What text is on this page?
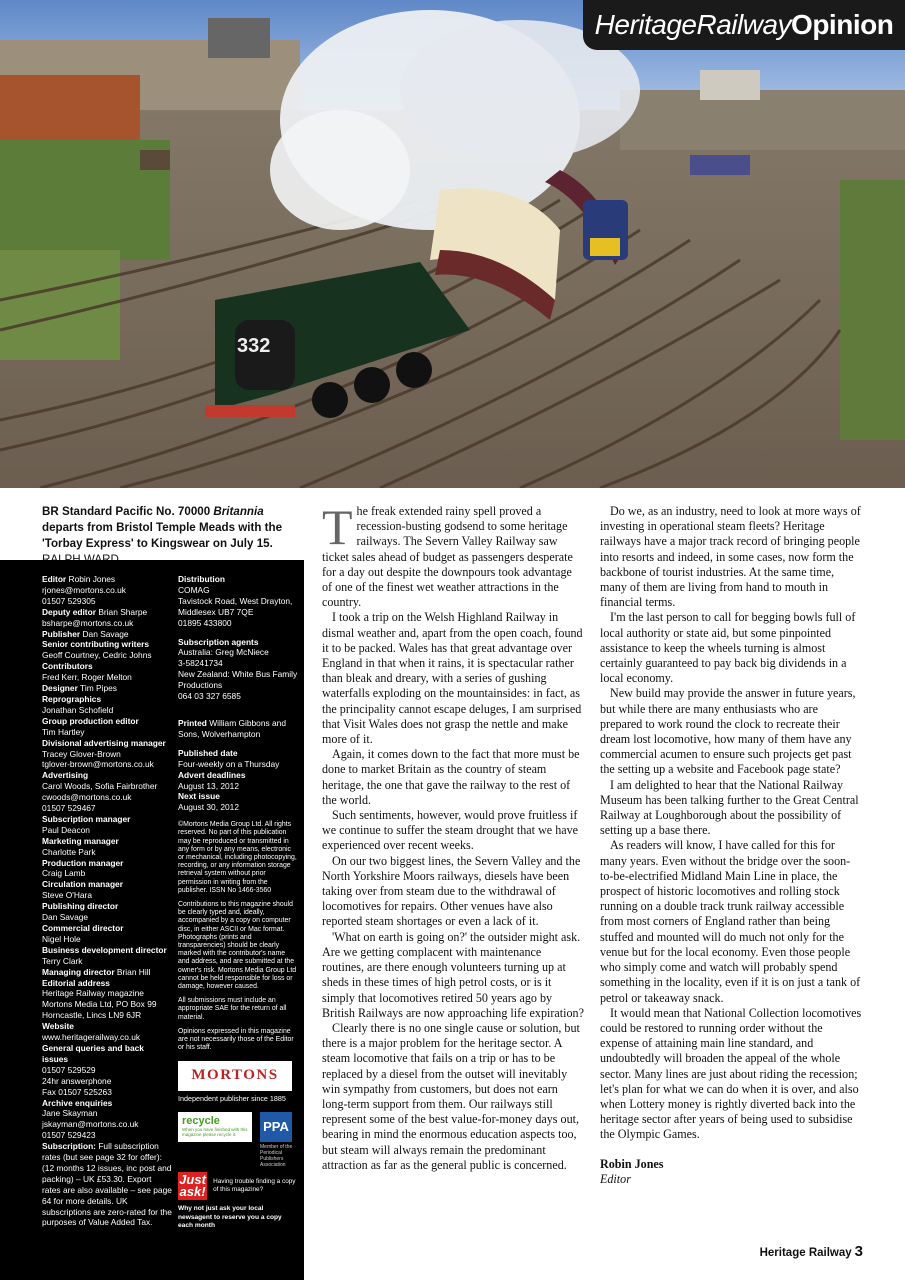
332
HeritageRailway Opinion
BR Standard Pacific No. 70000 Britannia departs from Bristol Temple Meads with the 'Torbay Express' to Kingswear on July 15.
Editor Robin Jones
rjones@mortons.co.uk
01507 529305
Deputy editor Brian Sharpe
bsharpe@mortons.co.uk
Publisher Dan Savage
Senior contributing writers
Geoff Courtney, Cedric Johns
Contributors
Fred Kerr, Roger Melton
Designer Tim Pipes
Reprographics
Jonathan Schofield
Group production editor
Tim Hartley
Divisional advertising manager
Tracey Glover-Brown
tglover-brown@mortons.co.uk
Advertising
Carol Woods, Sofia Fairbrother
cwoods@mortons.co.uk
01507 529467
Subscription manager
Paul Deacon
Marketing manager
Charlotte Park
Production manager
Craig Lamb
Circulation manager
Steve O'Hara
Publishing director
Dan Savage
Commercial director
Nigel Hole
Business development director
Terry Clark
Managing director Brian Hill
Editorial address
Heritage Railway magazine
Mortons Media Ltd, PO Box 99
Horncastle, Lincs LN9 6JR
Website
www.heritagerailway.co.uk
General queries and back issues
01507 529529
24hr answerphone
Fax 01507 525263
Archive enquiries
Jane Skayman
jskayman@mortons.co.uk
01507 529423
Subscription: Full subscription rates (but see page 32 for offer): (12 months 12 issues, inc post and packing) – UK £53.30. Export rates are also available – see page 64 for more details. UK subscriptions are zero-rated for the purposes of Value Added Tax.
Distribution
COMAG
Tavistock Road, West Drayton,
Middlesex UB7 7QE
01895 433800
Subscription agents
Australia: Greg McNiece
3-58241734
New Zealand: White Bus Family
Productions
064 03 327 6585
Printed William Gibbons and Sons, Wolverhampton
Published date
Four-weekly on a Thursday
Advert deadlines
August 13, 2012
Next issue
August 30, 2012
©Mortons Media Group Ltd. All rights reserved. No part of this publication may be reproduced or transmitted in any form or by any means, electronic or mechanical, including photocopying, recording, or any information storage retrieval system without prior permission in writing from the publisher. ISSN No 1466-3560
Contributions to this magazine should be clearly typed and, ideally, accompanied by a copy on computer disc, in either ASCII or Mac format. Photographs (prints and transparencies) should be clearly marked with the contributor's name and address, and are submitted at the owner's risk. Mortons Media Group Ltd cannot be held responsible for loss or damage, however caused.
All submissions must include an appropriate SAE for the return of all material.
Opinions expressed in this magazine are not necessarily those of the Editor or his staff.
MORTONS
Independent publisher since 1885
recycle
When you have finished with this magazine please recycle it.
PPA
Member of the Periodical Publishers Association
Just ask!
Having trouble finding a copy of this magazine?
Why not just ask your local newsagent to reserve you a copy each month
T he freak extended rainy spell proved a recession-busting godsend to some heritage railways. The Severn Valley Railway saw ticket sales ahead of budget as passengers desperate for a day out despite the downpours took advantage of one of the finest wet weather attractions in the country.

I took a trip on the Welsh Highland Railway in dismal weather and, apart from the open coach, found it to be packed. Wales has that great advantage over England in that when it rains, it is spectacular rather than bleak and dreary, with a series of gushing waterfalls exploding on the mountainsides: in fact, as the principality cannot escape deluges, I am surprised that Visit Wales does not grasp the nettle and make more of it.

Again, it comes down to the fact that more must be done to market Britain as the country of steam heritage, the one that gave the railway to the rest of the world.

Such sentiments, however, would prove fruitless if we continue to suffer the steam drought that we have experienced over recent weeks.

On our two biggest lines, the Severn Valley and the North Yorkshire Moors railways, diesels have been taking over from steam due to the withdrawal of locomotives for repairs. Other venues have also reported steam shortages or even a lack of it.

'What on earth is going on?' the outsider might ask. Are we getting complacent with maintenance routines, are there enough volunteers turning up at sheds in these times of high petrol costs, or is it simply that locomotives retired 50 years ago by British Railways are now approaching life expiration?

Clearly there is no one single cause or solution, but there is a major problem for the heritage sector. A steam locomotive that fails on a trip or has to be replaced by a diesel from the outset will inevitably win sympathy from customers, but does not earn long-term support from them. Our railways still represent some of the best value-for-money days out, bearing in mind the enormous education aspects too, but steam will always remain the predominant attraction as far as the general public is concerned.

Do we, as an industry, need to look at more ways of investing in operational steam fleets? Heritage railways have a major track record of bringing people into resorts and indeed, in some cases, now form the backbone of tourist industries. At the same time, many of them are living from hand to mouth in financial terms.

I'm the last person to call for begging bowls full of local authority or state aid, but some pinpointed assistance to keep the wheels turning is almost certainly guaranteed to pay back big dividends in a local economy.

New build may provide the answer in future years, but while there are many enthusiasts who are prepared to work round the clock to recreate their dream lost locomotive, how many of them have any commercial acumen to ensure such projects get past the setting up a website and Facebook page state?

I am delighted to hear that the National Railway Museum has been talking further to the Great Central Railway at Loughborough about the possibility of setting up a base there.

As readers will know, I have called for this for many years. Even without the bridge over the soon-to-be-electrified Midland Main Line in place, the prospect of historic locomotives and rolling stock running on a double track trunk railway accessible from most corners of England rather than being stuffed and mounted will do much not only for the venue but for the local economy. Even those people who simply come and watch will probably spend something in the locality, even if it is on just a tank of petrol or takeaway snack.

It would mean that National Collection locomotives could be restored to running order without the expense of attaining main line standard, and undoubtedly will broaden the appeal of the whole sector. Many lines are just about riding the recession; let's plan for what we can do when it is over, and also when Lottery money is rightly diverted back into the heritage sector after years of being used to subsidise the Olympic Games.

Robin Jones

Editor

Heritage Railway 3
